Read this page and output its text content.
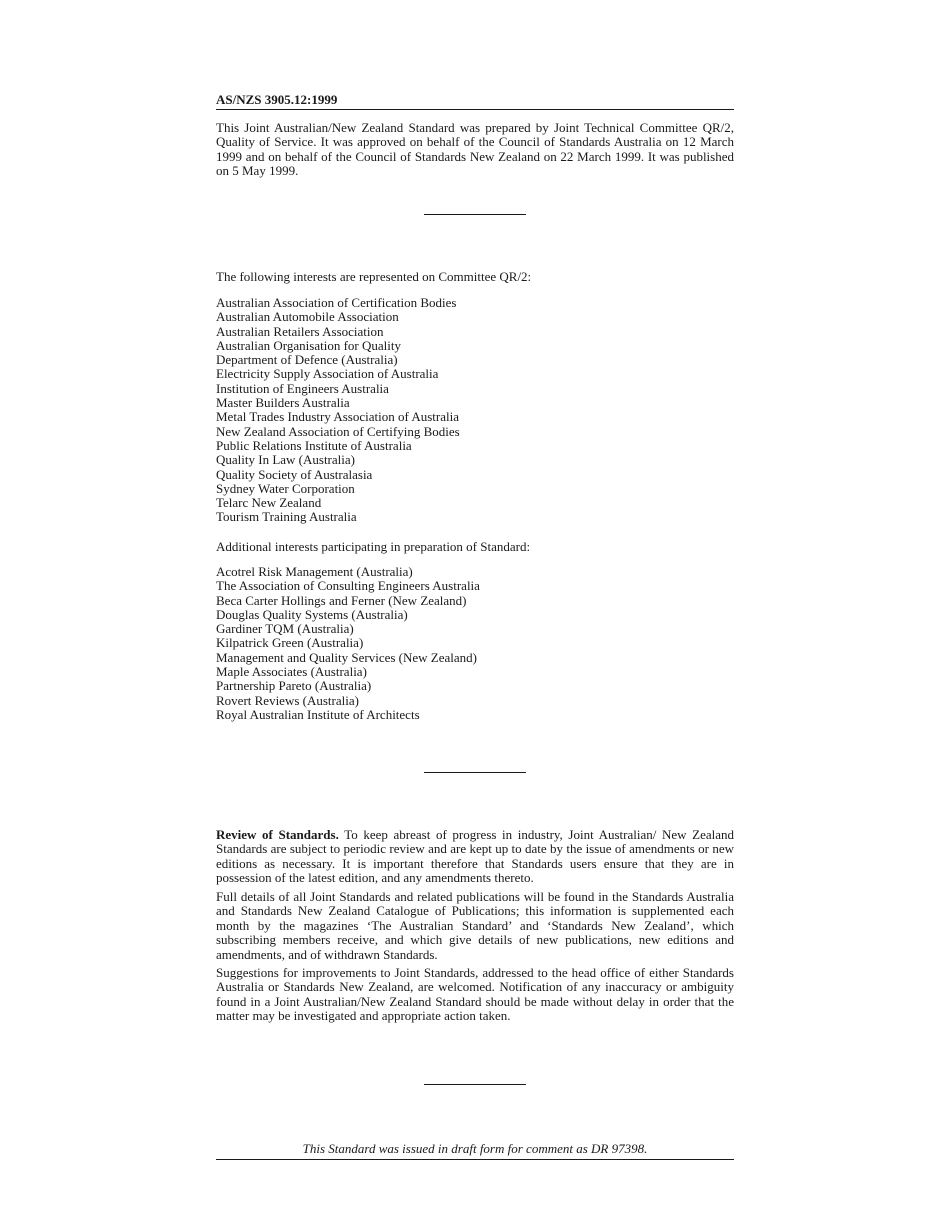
AS/NZS 3905.12:1999

This Joint Australian/New Zealand Standard was prepared by Joint Technical Committee QR/2, Quality of Service. It was approved on behalf of the Council of Standards Australia on 12 March 1999 and on behalf of the Council of Standards New Zealand on 22 March 1999. It was published on 5 May 1999.

The following interests are represented on Committee QR/2:

Australian Association of Certification Bodies
Australian Automobile Association
Australian Retailers Association
Australian Organisation for Quality
Department of Defence (Australia)
Electricity Supply Association of Australia
Institution of Engineers Australia
Master Builders Australia
Metal Trades Industry Association of Australia
New Zealand Association of Certifying Bodies
Public Relations Institute of Australia
Quality In Law (Australia)
Quality Society of Australasia
Sydney Water Corporation
Telarc New Zealand
Tourism Training Australia

Additional interests participating in preparation of Standard:

Acotrel Risk Management (Australia)
The Association of Consulting Engineers Australia
Beca Carter Hollings and Ferner (New Zealand)
Douglas Quality Systems (Australia)
Gardiner TQM (Australia)
Kilpatrick Green (Australia)
Management and Quality Services (New Zealand)
Maple Associates (Australia)
Partnership Pareto (Australia)
Rovert Reviews (Australia)
Royal Australian Institute of Architects

Review of Standards. To keep abreast of progress in industry, Joint Australian/ New Zealand Standards are subject to periodic review and are kept up to date by the issue of amendments or new editions as necessary. It is important therefore that Standards users ensure that they are in possession of the latest edition, and any amendments thereto.

Full details of all Joint Standards and related publications will be found in the Standards Australia and Standards New Zealand Catalogue of Publications; this information is supplemented each month by the magazines ‘The Australian Standard’ and ‘Standards New Zealand’, which subscribing members receive, and which give details of new publications, new editions and amendments, and of withdrawn Standards.

Suggestions for improvements to Joint Standards, addressed to the head office of either Standards Australia or Standards New Zealand, are welcomed. Notification of any inaccuracy or ambiguity found in a Joint Australian/New Zealand Standard should be made without delay in order that the matter may be investigated and appropriate action taken.

This Standard was issued in draft form for comment as DR 97398.
